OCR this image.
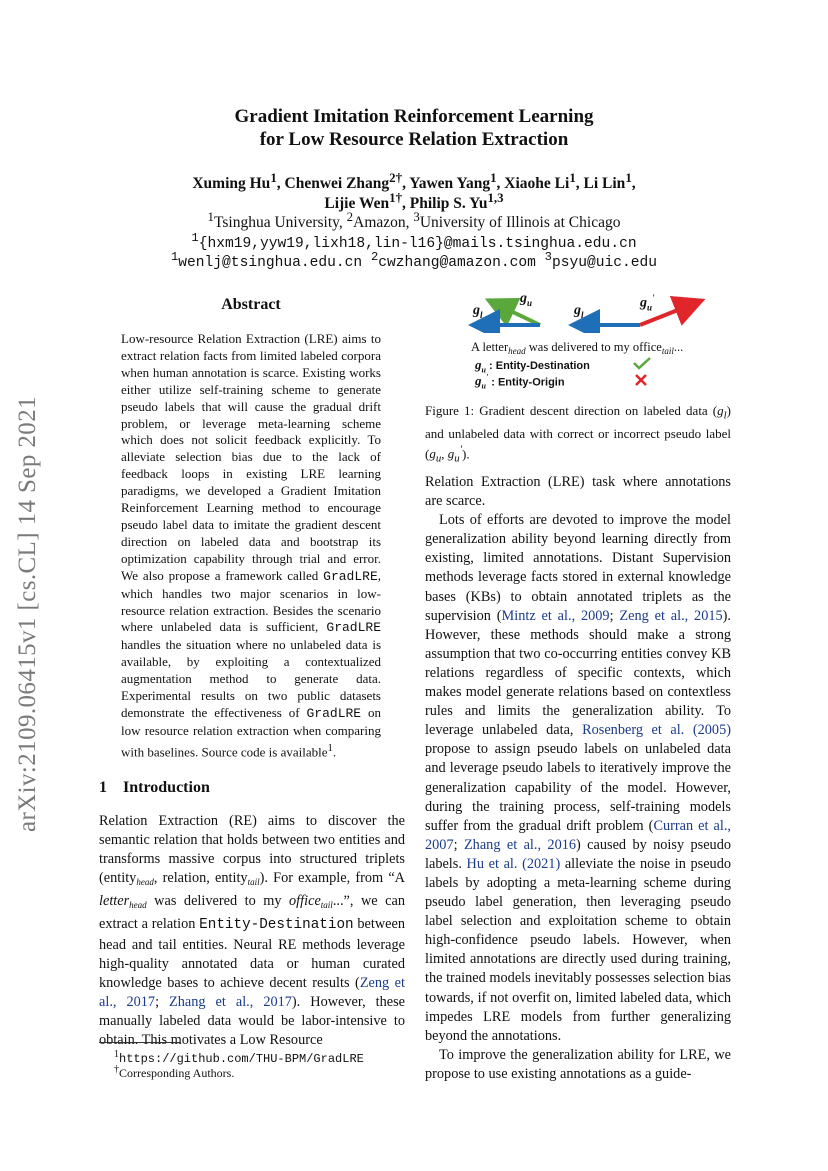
arXiv:2109.06415v1 [cs.CL] 14 Sep 2021
Gradient Imitation Reinforcement Learning
for Low Resource Relation Extraction
Xuming Hu$^1$, Chenwei Zhang$^{2\dagger}$, Yawen Yang$^1$, Xiaohe Li$^1$, Li Lin$^1$,
Lijie Wen$^{1\dagger}$, Philip S. Yu$^{1,3}$
$^1$Tsinghua University, $^2$Amazon, $^3$University of Illinois at Chicago
$^1${hxm19,yyw19,lixh18,lin-l16}@mails.tsinghua.edu.cn
$^1$wenlj@tsinghua.edu.cn $^2$cwzhang@amazon.com $^3$psyu@uic.edu
Abstract

Low-resource Relation Extraction (LRE) aims to extract relation facts from limited labeled corpora when human annotation is scarce. Existing works either utilize self-training scheme to generate pseudo labels that will cause the gradual drift problem, or leverage meta-learning scheme which does not solicit feedback explicitly. To alleviate selection bias due to the lack of feedback loops in existing LRE learning paradigms, we developed a Gradient Imitation Reinforcement Learning method to encourage pseudo label data to imitate the gradient descent direction on labeled data and bootstrap its optimization capability through trial and error. We also propose a framework called GradLRE, which handles two major scenarios in low-resource relation extraction. Besides the scenario where unlabeled data is sufficient, GradLRE handles the situation where no unlabeled data is available, by exploiting a contextualized augmentation method to generate data. Experimental results on two public datasets demonstrate the effectiveness of GradLRE on low resource relation extraction when comparing with baselines. Source code is available$^1$.

1 Introduction

Relation Extraction (RE) aims to discover the semantic relation that holds between two entities and transforms massive corpus into structured triplets (entity$_{head}$, relation, entity$_{tail}$). For example, from “A letter$_{head}$ was delivered to my office$_{tail}$...”, we can extract a relation Entity-Destination between head and tail entities. Neural RE methods leverage high-quality annotated data or human curated knowledge bases to achieve decent results (Zeng et al., 2017; Zhang et al., 2017). However, these manually labeled data would be labor-intensive to obtain. This motivates a Low Resource

$^1$https://github.com/THU-BPM/GradLRE
†Corresponding Authors.
$g_l$
$g_u$
$g_l$
$g_u'$
A letter$_{head}$ was delivered to my office$_{tail}$...
$g_u$ : Entity-Destination
$g_u'$ : Entity-Origin
Figure 1: Gradient descent direction on labeled data $(g_l)$ and unlabeled data with correct or incorrect pseudo label ($g_u$, $g_u'$).

Relation Extraction (LRE) task where annotations are scarce.

Lots of efforts are devoted to improve the model generalization ability beyond learning directly from existing, limited annotations. Distant Supervision methods leverage facts stored in external knowledge bases (KBs) to obtain annotated triplets as the supervision (Mintz et al., 2009; Zeng et al., 2015). However, these methods should make a strong assumption that two co-occurring entities convey KB relations regardless of specific contexts, which makes model generate relations based on contextless rules and limits the generalization ability. To leverage unlabeled data, Rosenberg et al. (2005) propose to assign pseudo labels on unlabeled data and leverage pseudo labels to iteratively improve the generalization capability of the model. However, during the training process, self-training models suffer from the gradual drift problem (Curran et al., 2007; Zhang et al., 2016) caused by noisy pseudo labels. Hu et al. (2021) alleviate the noise in pseudo labels by adopting a meta-learning scheme during pseudo label generation, then leveraging pseudo label selection and exploitation scheme to obtain high-confidence pseudo labels. However, when limited annotations are directly used during training, the trained models inevitably possesses selection bias towards, if not overfit on, limited labeled data, which impedes LRE models from further generalizing beyond the annotations.

To improve the generalization ability for LRE, we propose to use existing annotations as a guide-
